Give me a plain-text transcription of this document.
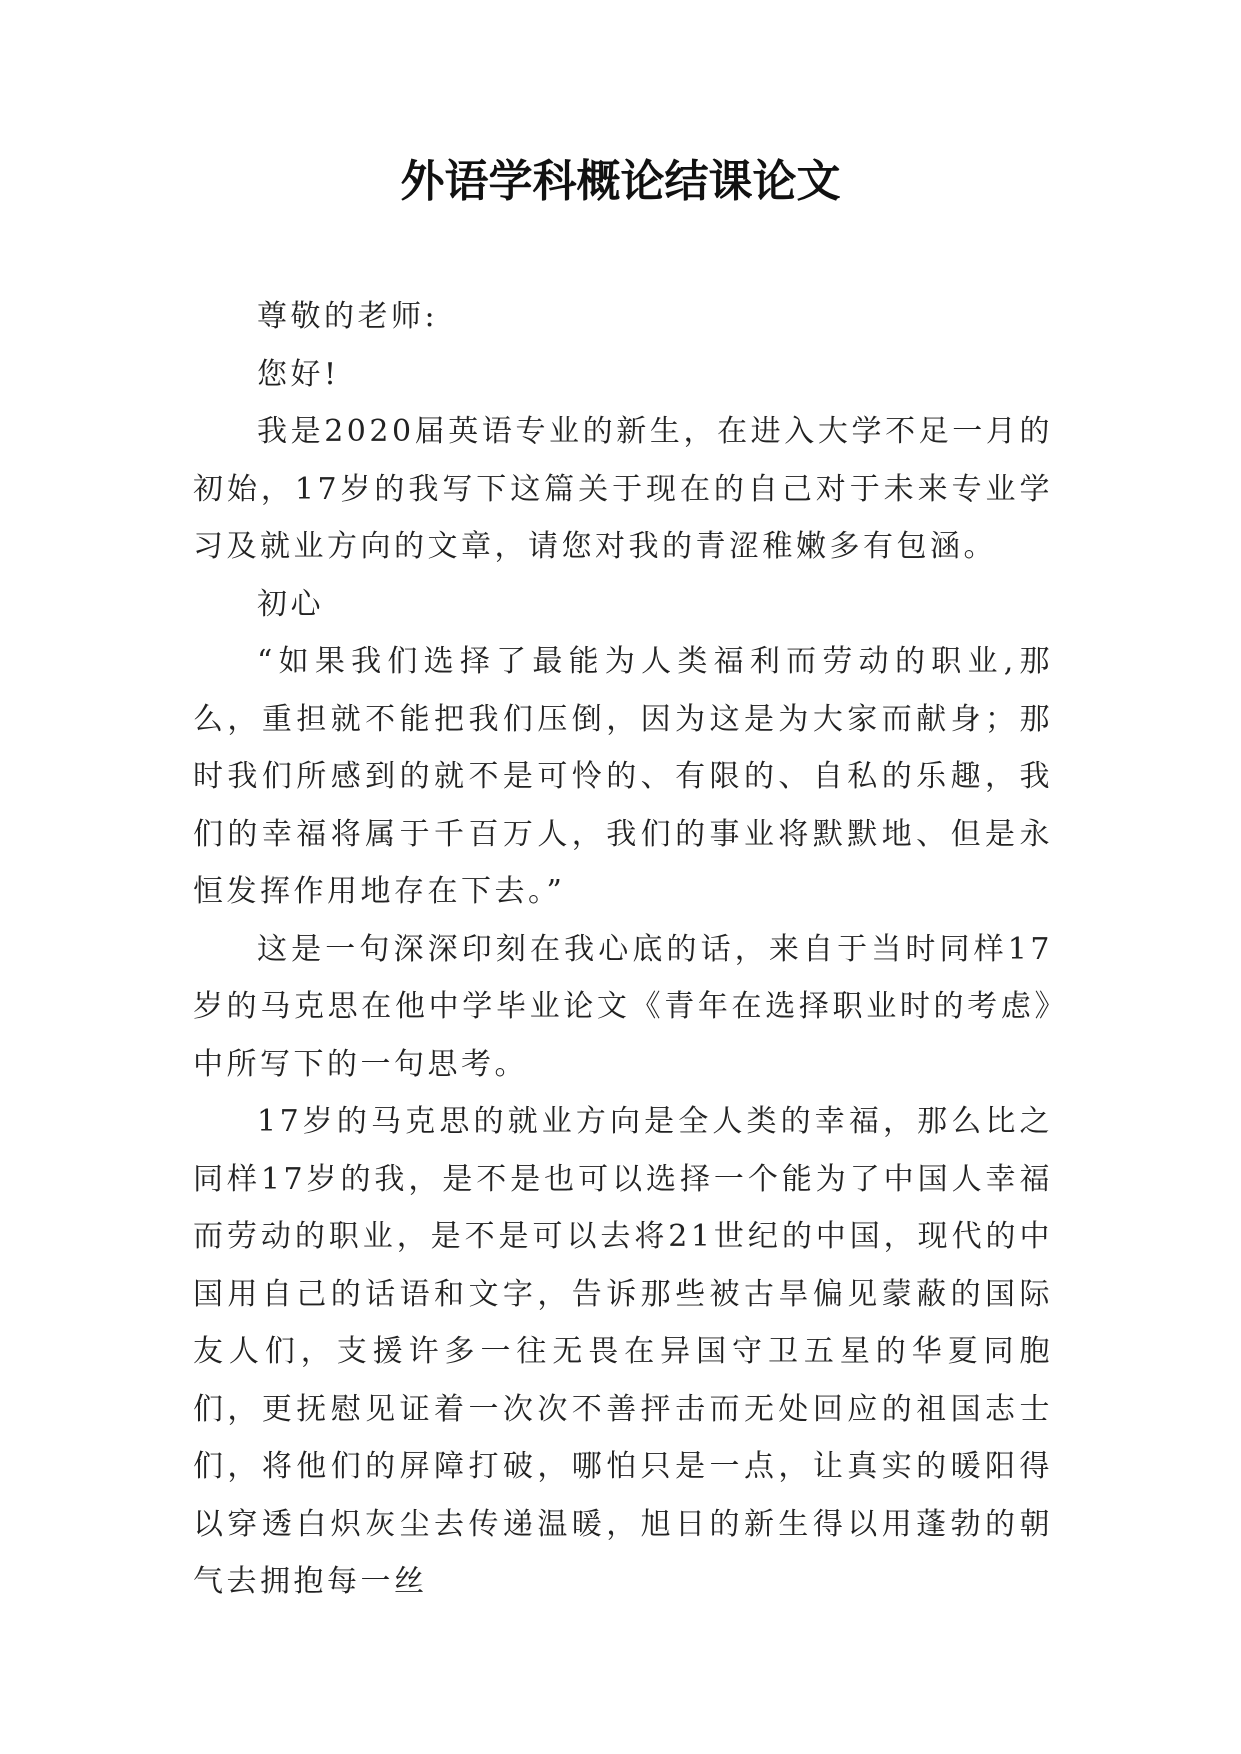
外语学科概论结课论文

尊敬的老师:

您好!

我是2020届英语专业的新生，在进入大学不足一月的初始，17岁的我写下这篇关于现在的自己对于未来专业学习及就业方向的文章，请您对我的青涩稚嫩多有包涵。

初心

“如果我们选择了最能为人类福利而劳动的职业,那么，重担就不能把我们压倒，因为这是为大家而献身；那时我们所感到的就不是可怜的、有限的、自私的乐趣，我们的幸福将属于千百万人，我们的事业将默默地、但是永恒发挥作用地存在下去。”

这是一句深深印刻在我心底的话，来自于当时同样17岁的马克思在他中学毕业论文《青年在选择职业时的考虑》中所写下的一句思考。

17岁的马克思的就业方向是全人类的幸福，那么比之同样17岁的我，是不是也可以选择一个能为了中国人幸福而劳动的职业，是不是可以去将21世纪的中国，现代的中国用自己的话语和文字，告诉那些被古旱偏见蒙蔽的国际友人们，支援许多一往无畏在异国守卫五星的华夏同胞们，更抚慰见证着一次次不善抨击而无处回应的祖国志士们，将他们的屏障打破，哪怕只是一点，让真实的暖阳得以穿透白炽灰尘去传递温暖，旭日的新生得以用蓬勃的朝气去拥抱每一丝
